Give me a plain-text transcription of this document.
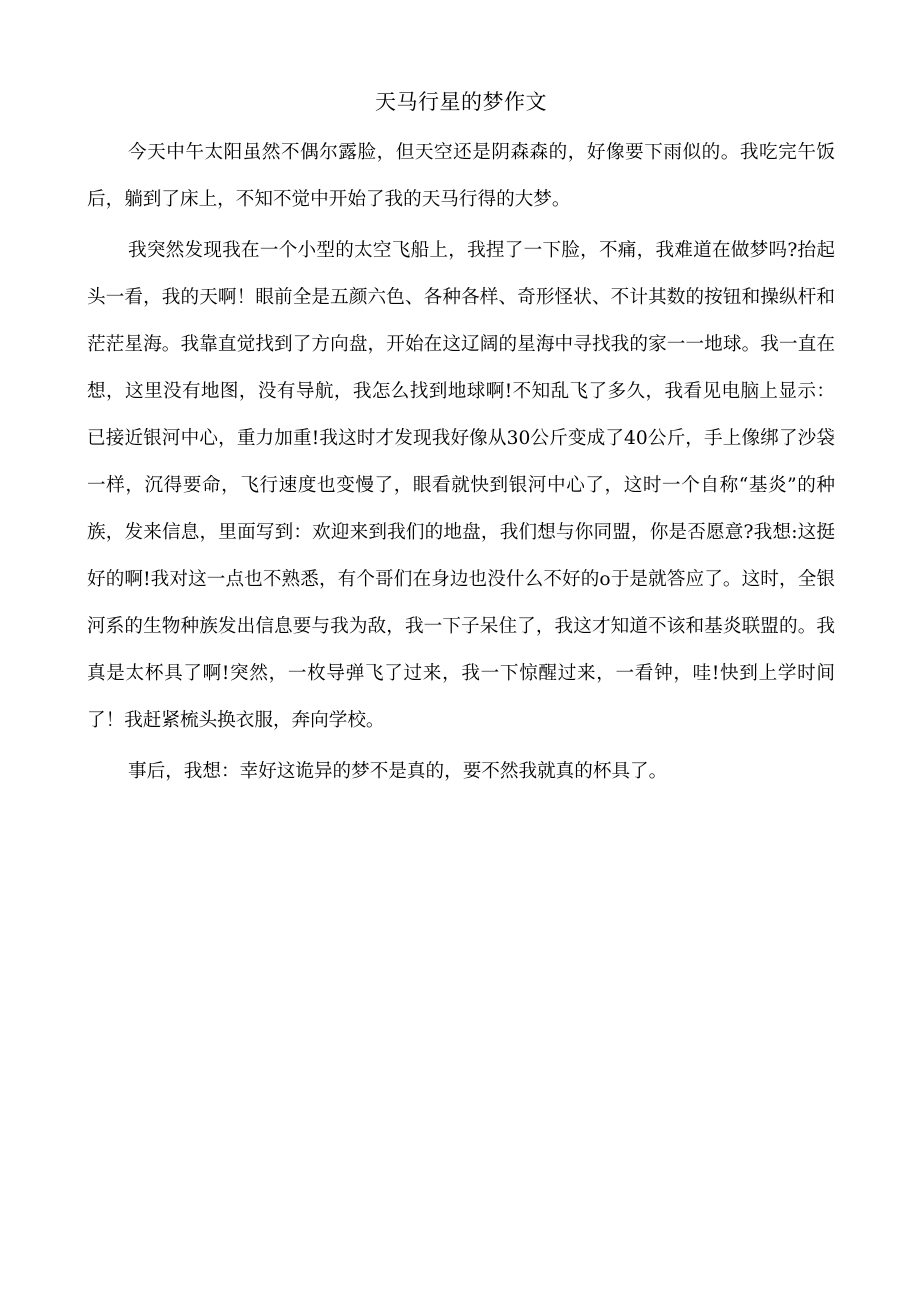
天马行星的梦作文

今天中午太阳虽然不偶尔露脸，但天空还是阴森森的，好像要下雨似的。我吃完午饭后，躺到了床上，不知不觉中开始了我的天马行得的大梦。

我突然发现我在一个小型的太空飞船上，我捏了一下脸，不痛，我难道在做梦吗?抬起头一看，我的天啊！眼前全是五颜六色、各种各样、奇形怪状、不计其数的按钮和操纵杆和茫茫星海。我靠直觉找到了方向盘，开始在这辽阔的星海中寻找我的家一一地球。我一直在想，这里没有地图，没有导航，我怎么找到地球啊!不知乱飞了多久，我看见电脑上显示：已接近银河中心，重力加重!我这时才发现我好像从30公斤变成了40公斤，手上像绑了沙袋一样，沉得要命，飞行速度也变慢了，眼看就快到银河中心了，这时一个自称“基炎”的种族，发来信息，里面写到：欢迎来到我们的地盘，我们想与你同盟，你是否愿意?我想:这挺好的啊!我对这一点也不熟悉，有个哥们在身边也没什么不好的o于是就答应了。这时，全银河系的生物种族发出信息要与我为敌，我一下子呆住了，我这才知道不该和基炎联盟的。我真是太杯具了啊!突然，一枚导弹飞了过来，我一下惊醒过来，一看钟，哇!快到上学时间了！我赶紧梳头换衣服，奔向学校。

事后，我想：幸好这诡异的梦不是真的，要不然我就真的杯具了。
